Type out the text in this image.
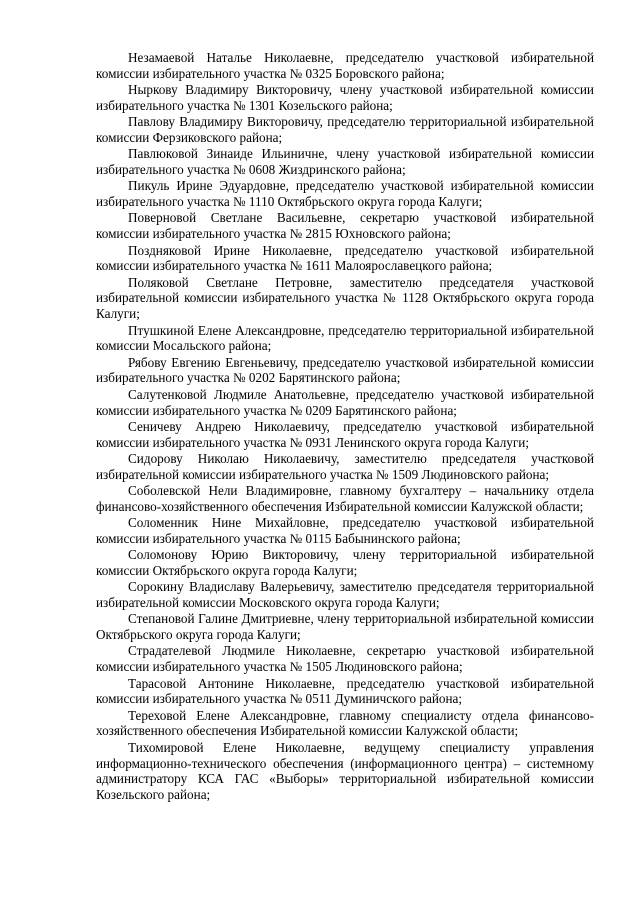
Незамаевой Наталье Николаевне, председателю участковой избирательной комиссии избирательного участка № 0325 Боровского района;

Ныркову Владимиру Викторовичу, члену участковой избирательной комиссии избирательного участка № 1301 Козельского района;

Павлову Владимиру Викторовичу, председателю территориальной избирательной комиссии Ферзиковского района;

Павлюковой Зинаиде Ильиничне, члену участковой избирательной комиссии избирательного участка № 0608 Жиздринского района;

Пикуль Ирине Эдуардовне, председателю участковой избирательной комиссии избирательного участка № 1110 Октябрьского округа города Калуги;

Поверновой Светлане Васильевне, секретарю участковой избирательной комиссии избирательного участка № 2815 Юхновского района;

Поздняковой Ирине Николаевне, председателю участковой избирательной комиссии избирательного участка № 1611 Малоярославецкого района;

Поляковой Светлане Петровне, заместителю председателя участковой избирательной комиссии избирательного участка № 1128 Октябрьского округа города Калуги;

Птушкиной Елене Александровне, председателю территориальной избирательной комиссии Мосальского района;

Рябову Евгению Евгеньевичу, председателю участковой избирательной комиссии избирательного участка № 0202 Барятинского района;

Салутенковой Людмиле Анатольевне, председателю участковой избирательной комиссии избирательного участка № 0209 Барятинского района;

Сеничеву Андрею Николаевичу, председателю участковой избирательной комиссии избирательного участка № 0931 Ленинского округа города Калуги;

Сидорову Николаю Николаевичу, заместителю председателя участковой избирательной комиссии избирательного участка № 1509 Людиновского района;

Соболевской Нели Владимировне, главному бухгалтеру – начальнику отдела финансово-хозяйственного обеспечения Избирательной комиссии Калужской области;

Соломенник Нине Михайловне, председателю участковой избирательной комиссии избирательного участка № 0115 Бабынинского района;

Соломонову Юрию Викторовичу, члену территориальной избирательной комиссии Октябрьского округа города Калуги;

Сорокину Владиславу Валерьевичу, заместителю председателя территориальной избирательной комиссии Московского округа города Калуги;

Степановой Галине Дмитриевне, члену территориальной избирательной комиссии Октябрьского округа города Калуги;

Страдателевой Людмиле Николаевне, секретарю участковой избирательной комиссии избирательного участка № 1505 Людиновского района;

Тарасовой Антонине Николаевне, председателю участковой избирательной комиссии избирательного участка № 0511 Думиничского района;

Тереховой Елене Александровне, главному специалисту отдела финансово-хозяйственного обеспечения Избирательной комиссии Калужской области;

Тихомировой Елене Николаевне, ведущему специалисту управления информационно-технического обеспечения (информационного центра) – системному администратору КСА ГАС «Выборы» территориальной избирательной комиссии Козельского района;
